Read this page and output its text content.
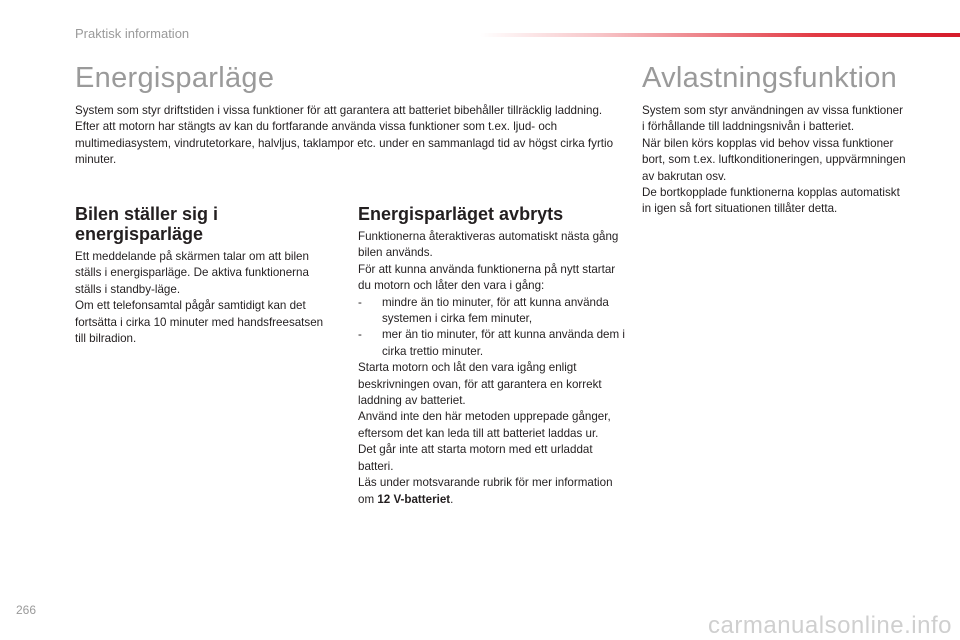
Praktisk information
Energisparläge

System som styr driftstiden i vissa funktioner för att garantera att batteriet bibehåller tillräcklig laddning.

Efter att motorn har stängts av kan du fortfarande använda vissa funktioner som t.ex. ljud- och multimediasystem, vindrutetorkare, halvljus, taklampor etc. under en sammanlagd tid av högst cirka fyrtio minuter.

Bilen ställer sig i
energisparläge

Ett meddelande på skärmen talar om att bilen ställs i energisparläge. De aktiva funktionerna ställs i standby-läge.

Om ett telefonsamtal pågår samtidigt kan det fortsätta i cirka 10 minuter med handsfreesatsen till bilradion.

Energisparläget avbryts

Funktionerna återaktiveras automatiskt nästa gång bilen används.

För att kunna använda funktionerna på nytt startar du motorn och låter den vara i gång:

- mindre än tio minuter, för att kunna använda systemen i cirka fem minuter,
- mer än tio minuter, för att kunna använda dem i cirka trettio minuter.

Starta motorn och låt den vara igång enligt beskrivningen ovan, för att garantera en korrekt laddning av batteriet.

Använd inte den här metoden upprepade gånger, eftersom det kan leda till att batteriet laddas ur.

Det går inte att starta motorn med ett urladdat batteri.

Läs under motsvarande rubrik för mer information om 12 V-batteriet.

Avlastningsfunktion

System som styr användningen av vissa funktioner i förhållande till laddningsnivån i batteriet.

När bilen körs kopplas vid behov vissa funktioner bort, som t.ex. luftkonditioneringen, uppvärmningen av bakrutan osv.

De bortkopplade funktionerna kopplas automatiskt in igen så fort situationen tillåter detta.

266
carmanualsonline.info
